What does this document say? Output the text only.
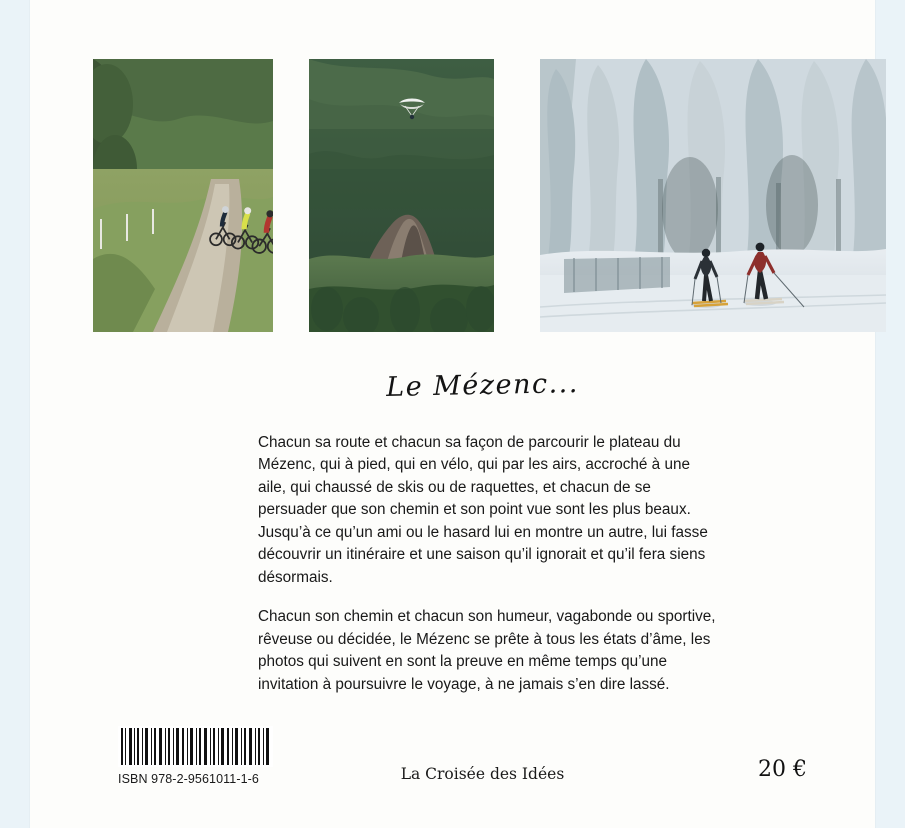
Le Mézenc...

Chacun sa route et chacun sa façon de parcourir le plateau du Mézenc, qui à pied, qui en vélo, qui par les airs, accroché à une aile, qui chaussé de skis ou de raquettes, et chacun de se persuader que son chemin et son point vue sont les plus beaux. Jusqu’à ce qu’un ami ou le hasard lui en montre un autre, lui fasse découvrir un itinéraire et une saison qu’il ignorait et qu’il fera siens désormais.

Chacun son chemin et chacun son humeur, vagabonde ou sportive, rêveuse ou décidée, le Mézenc se prête à tous les états d’âme, les photos qui suivent en sont la preuve en même temps qu’une invitation à poursuivre le voyage, à ne jamais s’en dire lassé.

ISBN 978-2-9561011-1-6	La Croisée des Idées	20 €
